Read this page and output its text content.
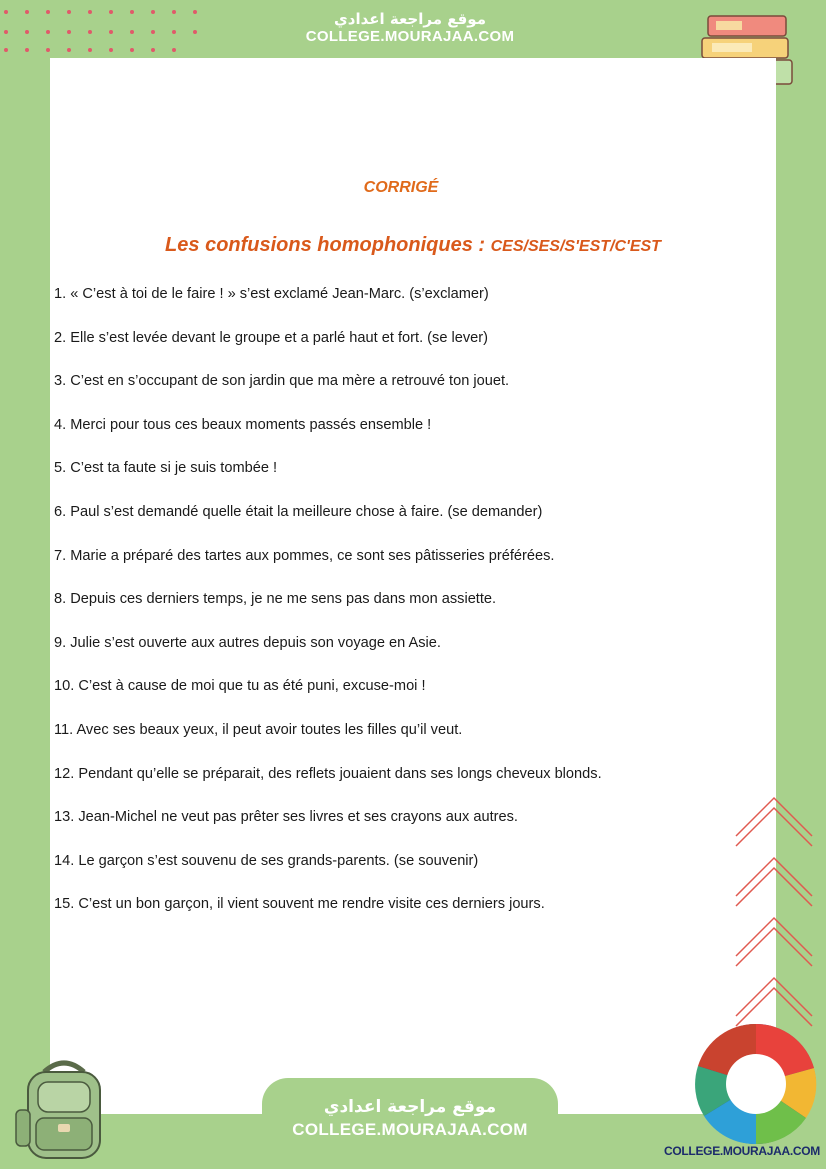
موقع مراجعة اعدادي
COLLEGE.MOURAJAA.COM
CORRIGÉ
Les confusions homophoniques : CES/SES/S'EST/C'EST
1. « C’est à toi de le faire ! » s’est exclamé Jean-Marc. (s’exclamer)
2. Elle s’est levée devant le groupe et a parlé haut et fort. (se lever)
3. C’est en s’occupant de son jardin que ma mère a retrouvé ton jouet.
4. Merci pour tous ces beaux moments passés ensemble !
5. C’est ta faute si je suis tombée !
6. Paul s’est demandé quelle était la meilleure chose à faire. (se demander)
7. Marie a préparé des tartes aux pommes, ce sont ses pâtisseries préférées.
8. Depuis ces derniers temps, je ne me sens pas dans mon assiette.
9. Julie s’est ouverte aux autres depuis son voyage en Asie.
10. C’est à cause de moi que tu as été puni, excuse-moi !
11. Avec ses beaux yeux, il peut avoir toutes les filles qu’il veut.
12. Pendant qu’elle se préparait, des reflets jouaient dans ses longs cheveux blonds.
13. Jean-Michel ne veut pas prêter ses livres et ses crayons aux autres.
14. Le garçon s’est souvenu de ses grands-parents. (se souvenir)
15. C’est un bon garçon, il vient souvent me rendre visite ces derniers jours.
موقع مراجعة اعدادي
COLLEGE.MOURAJAA.COM
COLLEGE.MOURAJAA.COM
